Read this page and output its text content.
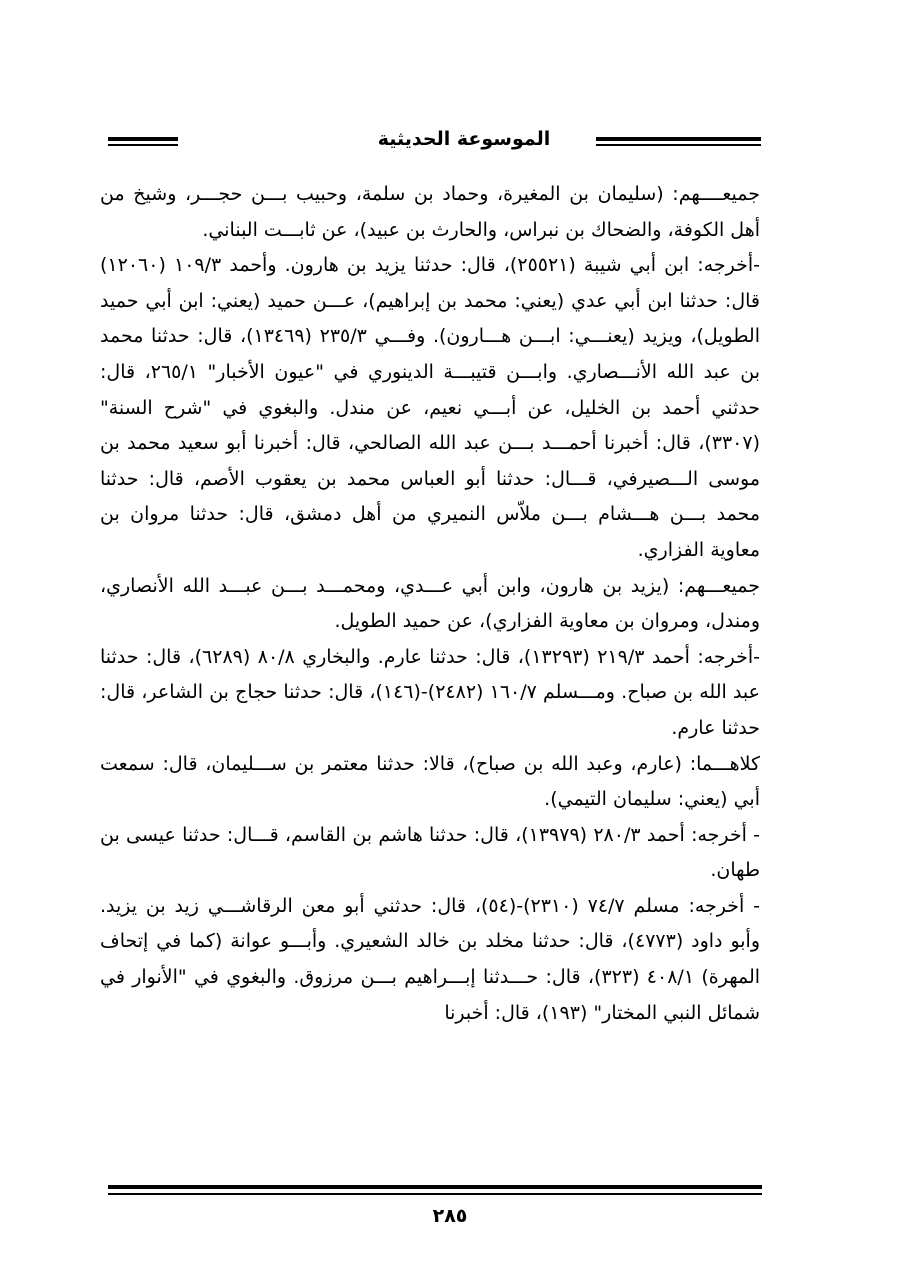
الموسوعة الحديثية

جميعــــهم: (سليمان بن المغيرة، وحماد بن سلمة، وحبيب بـــن حجـــر، وشيخ من أهل الكوفة، والضحاك بن نبراس، والحارث بن عبيد)، عن ثابـــت البناني.

-أخرجه: ابن أبي شيبة (٢٥٥٢١)، قال: حدثنا يزيد بن هارون. وأحمد ١٠٩/٣ (١٢٠٦٠) قال: حدثنا ابن أبي عدي (يعني: محمد بن إبراهيم)، عـــن حميد (يعني: ابن أبي حميد الطويل)، ويزيد (يعنـــي: ابـــن هـــارون). وفـــي ٢٣٥/٣ (١٣٤٦٩)، قال: حدثنا محمد بن عبد الله الأنـــصاري. وابـــن قتيبـــة الدينوري في "عيون الأخبار" ٢٦٥/١، قال: حدثني أحمد بن الخليل، عن أبـــي نعيم، عن مندل. والبغوي في "شرح السنة" (٣٣٠٧)، قال: أخبرنا أحمـــد بـــن عبد الله الصالحي، قال: أخبرنا أبو سعيد محمد بن موسى الـــصيرفي، قـــال: حدثنا أبو العباس محمد بن يعقوب الأصم، قال: حدثنا محمد بـــن هـــشام بـــن ملاّس النميري من أهل دمشق، قال: حدثنا مروان بن معاوية الفزاري.

جميعـــهم: (يزيد بن هارون، وابن أبي عـــدي، ومحمـــد بـــن عبـــد الله الأنصاري، ومندل، ومروان بن معاوية الفزاري)، عن حميد الطويل.

-أخرجه: أحمد ٢١٩/٣ (١٣٢٩٣)، قال: حدثنا عارم. والبخاري ٨٠/٨ (٦٢٨٩)، قال: حدثنا عبد الله بن صباح. ومـــسلم ١٦٠/٧ (٢٤٨٢)-(١٤٦)، قال: حدثنا حجاج بن الشاعر، قال: حدثنا عارم.

كلاهـــما: (عارم، وعبد الله بن صباح)، قالا: حدثنا معتمر بن ســـليمان، قال: سمعت أبي (يعني: سليمان التيمي).

- أخرجه: أحمد ٢٨٠/٣ (١٣٩٧٩)، قال: حدثنا هاشم بن القاسم، قـــال: حدثنا عيسى بن طهان.

- أخرجه: مسلم ٧٤/٧ (٢٣١٠)-(٥٤)، قال: حدثني أبو معن الرقاشـــي زيد بن يزيد. وأبو داود (٤٧٧٣)، قال: حدثنا مخلد بن خالد الشعيري. وأبـــو عوانة (كما في إتحاف المهرة) ٤٠٨/١ (٣٢٣)، قال: حـــدثنا إبـــراهيم بـــن مرزوق. والبغوي في "الأنوار في شمائل النبي المختار" (١٩٣)، قال: أخبرنا

٢٨٥
